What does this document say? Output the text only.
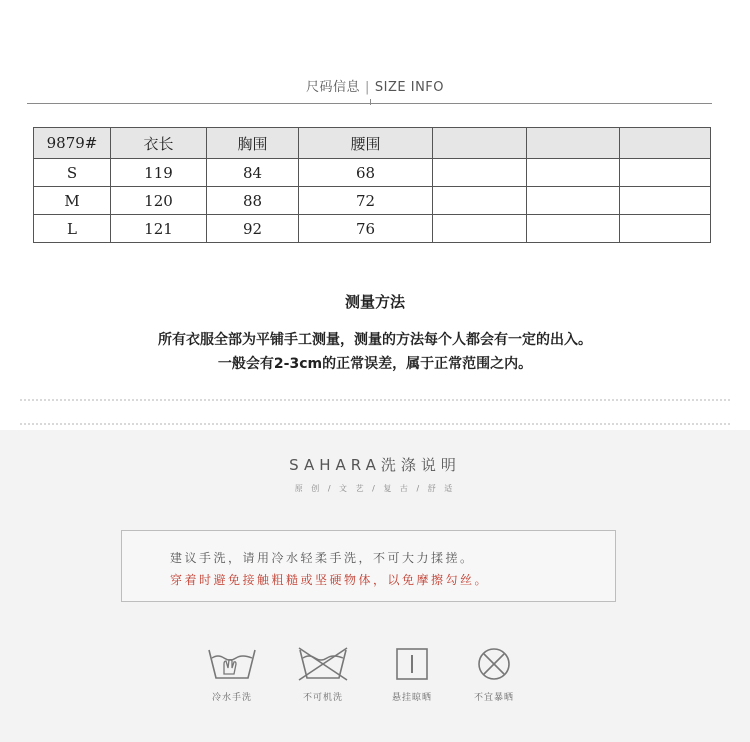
尺码信息 | SIZE INFO
9879#	衣长	胸围	腰围			
S	119	84	68			
M	120	88	72			
L	121	92	76			
测量方法
所有衣服全部为平铺手工测量，测量的方法每个人都会有一定的出入。
一般会有2-3cm的正常误差，属于正常范围之内。
SAHARA洗涤说明
原 创 / 文 艺 / 复 古 / 舒 适
建议手洗，请用冷水轻柔手洗，不可大力揉搓。
穿着时避免接触粗糙或坚硬物体，以免摩擦勾丝。
冷水手洗	不可机洗	悬挂晾晒	不宜暴晒
